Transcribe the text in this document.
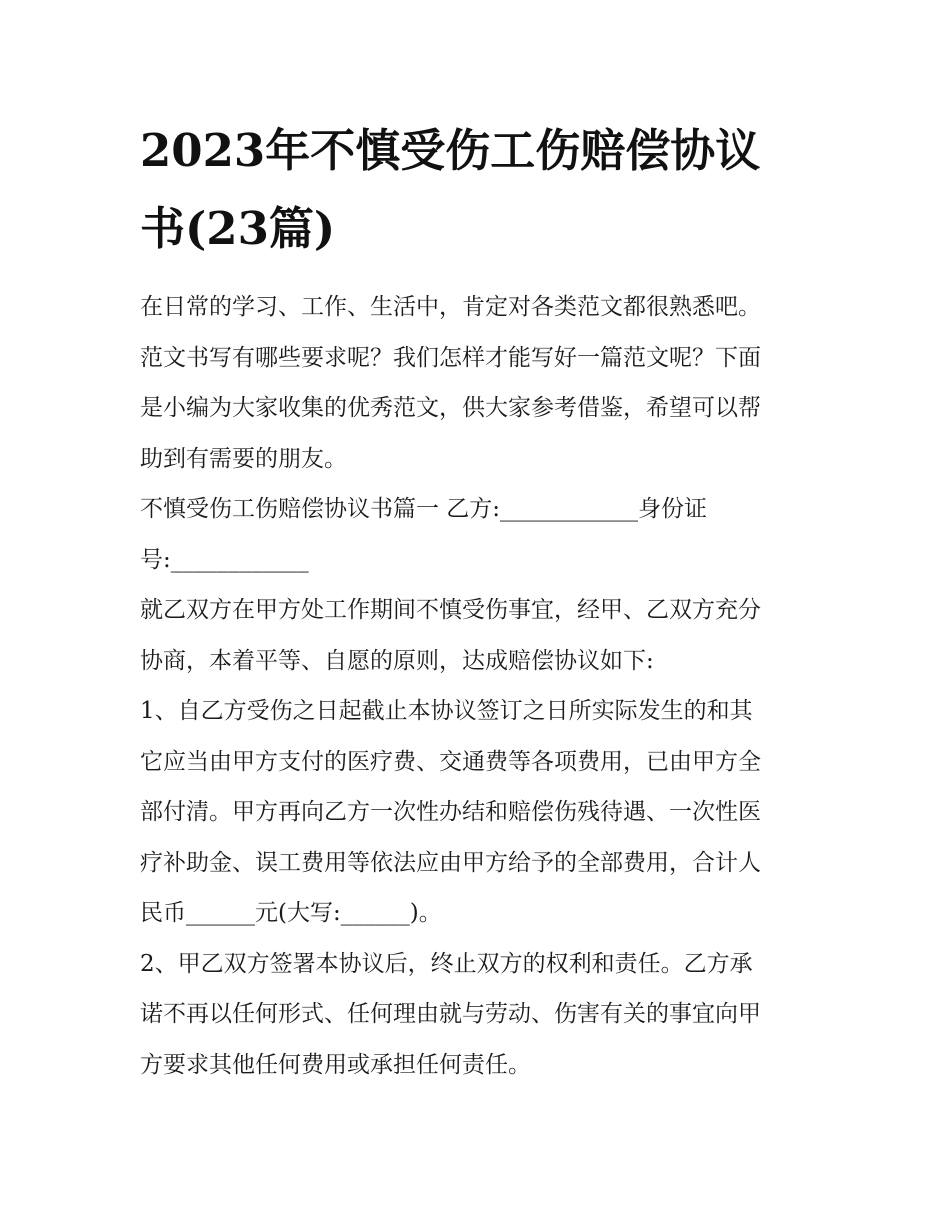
2023年不慎受伤工伤赔偿协议
书(23篇)
在日常的学习、工作、生活中，肯定对各类范文都很熟悉吧。
范文书写有哪些要求呢？我们怎样才能写好一篇范文呢？下面
是小编为大家收集的优秀范文，供大家参考借鉴，希望可以帮
助到有需要的朋友。
不慎受伤工伤赔偿协议书篇一 乙方:____________身份证
号:____________
就乙双方在甲方处工作期间不慎受伤事宜，经甲、乙双方充分
协商，本着平等、自愿的原则，达成赔偿协议如下:
1、自乙方受伤之日起截止本协议签订之日所实际发生的和其
它应当由甲方支付的医疗费、交通费等各项费用，已由甲方全
部付清。甲方再向乙方一次性办结和赔偿伤残待遇、一次性医
疗补助金、误工费用等依法应由甲方给予的全部费用，合计人
民币______元(大写:______)。
2、甲乙双方签署本协议后，终止双方的权利和责任。乙方承
诺不再以任何形式、任何理由就与劳动、伤害有关的事宜向甲
方要求其他任何费用或承担任何责任。
